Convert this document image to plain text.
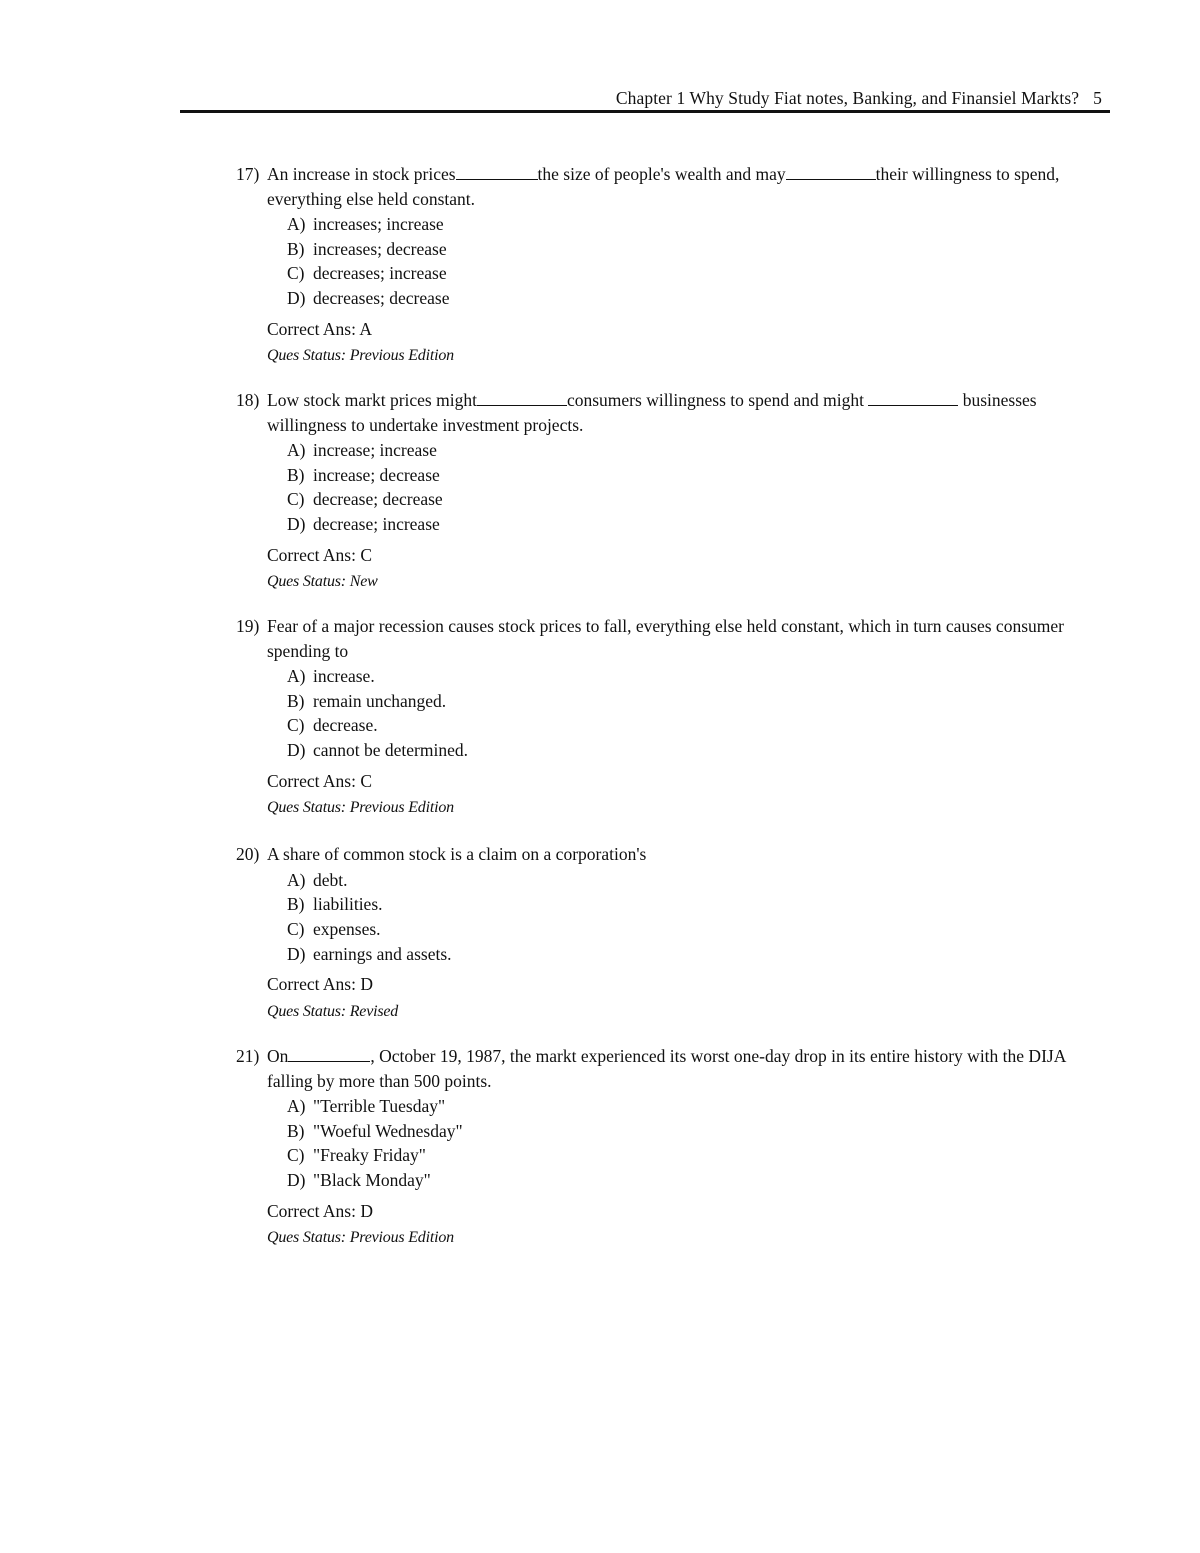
Chapter 1 Why Study Fiat notes, Banking, and Finansiel Markts? 5
17) An increase in stock prices	the size of people's wealth and may	their willingness to spend, everything else held constant.
A) increases; increase
B) increases; decrease
C) decreases; increase
D) decreases; decrease
Correct Ans: A
Ques Status: Previous Edition
18) Low stock markt prices might	consumers willingness to spend and might	businesses willingness to undertake investment projects.
A) increase; increase
B) increase; decrease
C) decrease; decrease
D) decrease; increase
Correct Ans: C
Ques Status: New
19) Fear of a major recession causes stock prices to fall, everything else held constant, which in turn causes consumer spending to
A) increase.
B) remain unchanged.
C) decrease.
D) cannot be determined.
Correct Ans: C
Ques Status: Previous Edition
20) A share of common stock is a claim on a corporation's
A) debt.
B) liabilities.
C) expenses.
D) earnings and assets.
Correct Ans: D
Ques Status: Revised
21) On	, October 19, 1987, the markt experienced its worst one-day drop in its entire history with the DIJA falling by more than 500 points.
A) "Terrible Tuesday"
B) "Woeful Wednesday"
C) "Freaky Friday"
D) "Black Monday"
Correct Ans: D
Ques Status: Previous Edition
